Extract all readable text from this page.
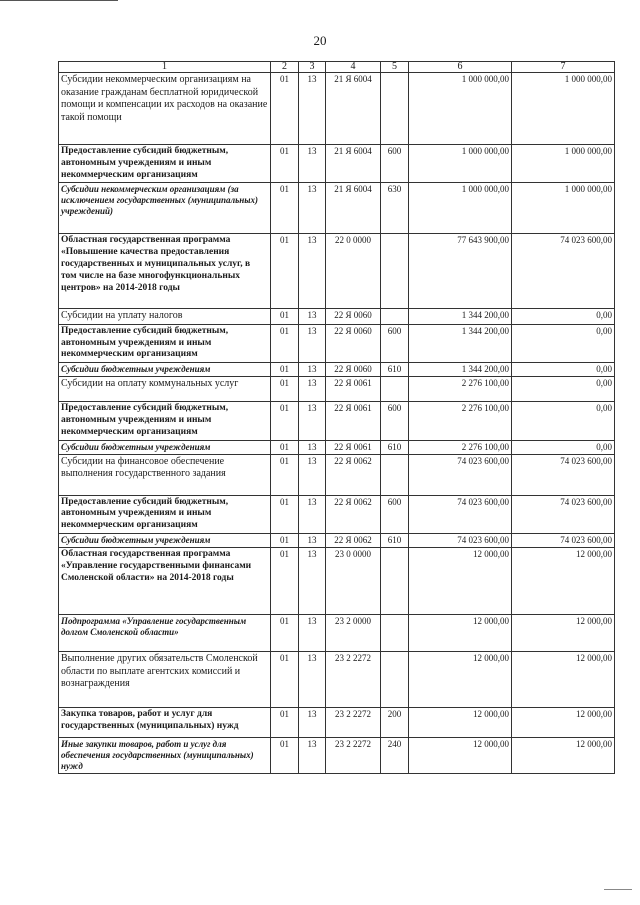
20
1	2	3	4	5	6	7
Субсидии некоммерческим организациям на оказание гражданам бесплатной юридической помощи и компенсации их расходов на оказание такой помощи	01	13	21 Я 6004		1 000 000,00	1 000 000,00
Предоставление субсидий бюджетным, автономным учреждениям и иным некоммерческим организациям	01	13	21 Я 6004	600	1 000 000,00	1 000 000,00
Субсидии некоммерческим организациям (за исключением государственных (муниципальных) учреждений)	01	13	21 Я 6004	630	1 000 000,00	1 000 000,00
Областная государственная программа «Повышение качества предоставления государственных и муниципальных услуг, в том числе на базе многофункциональных центров» на 2014-2018 годы	01	13	22 0 0000		77 643 900,00	74 023 600,00
Субсидии на уплату налогов	01	13	22 Я 0060		1 344 200,00	0,00
Предоставление субсидий бюджетным, автономным учреждениям и иным некоммерческим организациям	01	13	22 Я 0060	600	1 344 200,00	0,00
Субсидии бюджетным учреждениям	01	13	22 Я 0060	610	1 344 200,00	0,00
Субсидии на оплату коммунальных услуг	01	13	22 Я 0061		2 276 100,00	0,00
Предоставление субсидий бюджетным, автономным учреждениям и иным некоммерческим организациям	01	13	22 Я 0061	600	2 276 100,00	0,00
Субсидии бюджетным учреждениям	01	13	22 Я 0061	610	2 276 100,00	0,00
Субсидии на финансовое обеспечение выполнения государственного задания	01	13	22 Я 0062		74 023 600,00	74 023 600,00
Предоставление субсидий бюджетным, автономным учреждениям и иным некоммерческим организациям	01	13	22 Я 0062	600	74 023 600,00	74 023 600,00
Субсидии бюджетным учреждениям	01	13	22 Я 0062	610	74 023 600,00	74 023 600,00
Областная государственная программа «Управление государственными финансами Смоленской области» на 2014-2018 годы	01	13	23 0 0000		12 000,00	12 000,00
Подпрограмма «Управление государственным долгом Смоленской области»	01	13	23 2 0000		12 000,00	12 000,00
Выполнение других обязательств Смоленской области по выплате агентских комиссий и вознаграждения	01	13	23 2 2272		12 000,00	12 000,00
Закупка товаров, работ и услуг для государственных (муниципальных) нужд	01	13	23 2 2272	200	12 000,00	12 000,00
Иные закупки товаров, работ и услуг для обеспечения государственных (муниципальных) нужд	01	13	23 2 2272	240	12 000,00	12 000,00
